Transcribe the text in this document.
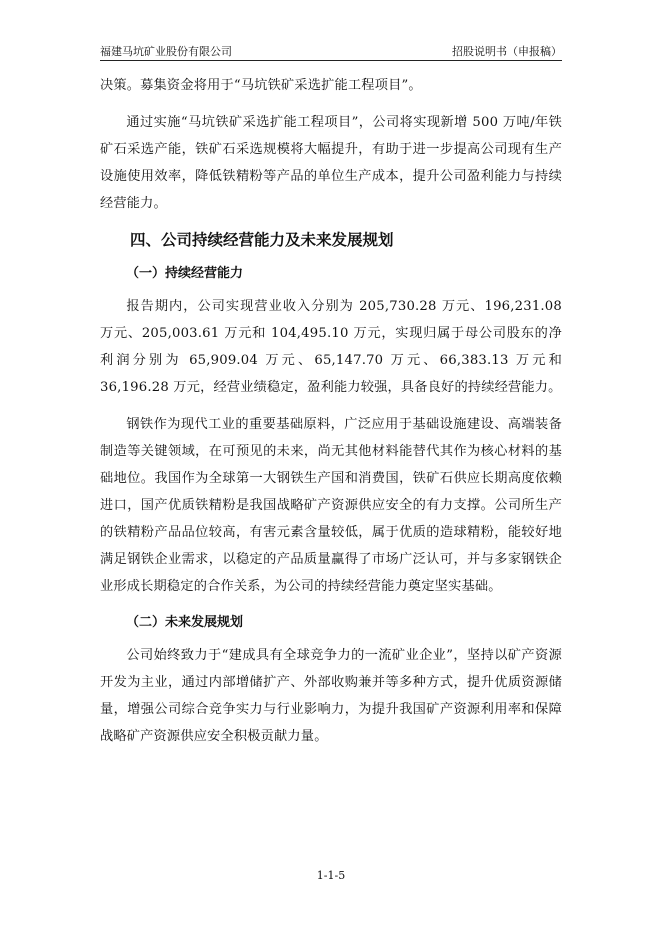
福建马坑矿业股份有限公司	招股说明书（申报稿）

决策。募集资金将用于“马坑铁矿采选扩能工程项目”。

通过实施“马坑铁矿采选扩能工程项目”，公司将实现新增 500 万吨/年铁矿石采选产能，铁矿石采选规模将大幅提升，有助于进一步提高公司现有生产设施使用效率，降低铁精粉等产品的单位生产成本，提升公司盈利能力与持续经营能力。

四、公司持续经营能力及未来发展规划
（一）持续经营能力

报告期内，公司实现营业收入分别为 205,730.28 万元、196,231.08 万元、205,003.61 万元和 104,495.10 万元，实现归属于母公司股东的净利润分别为 65,909.04 万元、65,147.70 万元、66,383.13 万元和 36,196.28 万元，经营业绩稳定，盈利能力较强，具备良好的持续经营能力。

钢铁作为现代工业的重要基础原料，广泛应用于基础设施建设、高端装备制造等关键领域，在可预见的未来，尚无其他材料能替代其作为核心材料的基础地位。我国作为全球第一大钢铁生产国和消费国，铁矿石供应长期高度依赖进口，国产优质铁精粉是我国战略矿产资源供应安全的有力支撑。公司所生产的铁精粉产品品位较高，有害元素含量较低，属于优质的造球精粉，能较好地满足钢铁企业需求，以稳定的产品质量赢得了市场广泛认可，并与多家钢铁企业形成长期稳定的合作关系，为公司的持续经营能力奠定坚实基础。

（二）未来发展规划

公司始终致力于“建成具有全球竞争力的一流矿业企业”，坚持以矿产资源开发为主业，通过内部增储扩产、外部收购兼并等多种方式，提升优质资源储量，增强公司综合竞争实力与行业影响力，为提升我国矿产资源利用率和保障战略矿产资源供应安全积极贡献力量。

1-1-5
